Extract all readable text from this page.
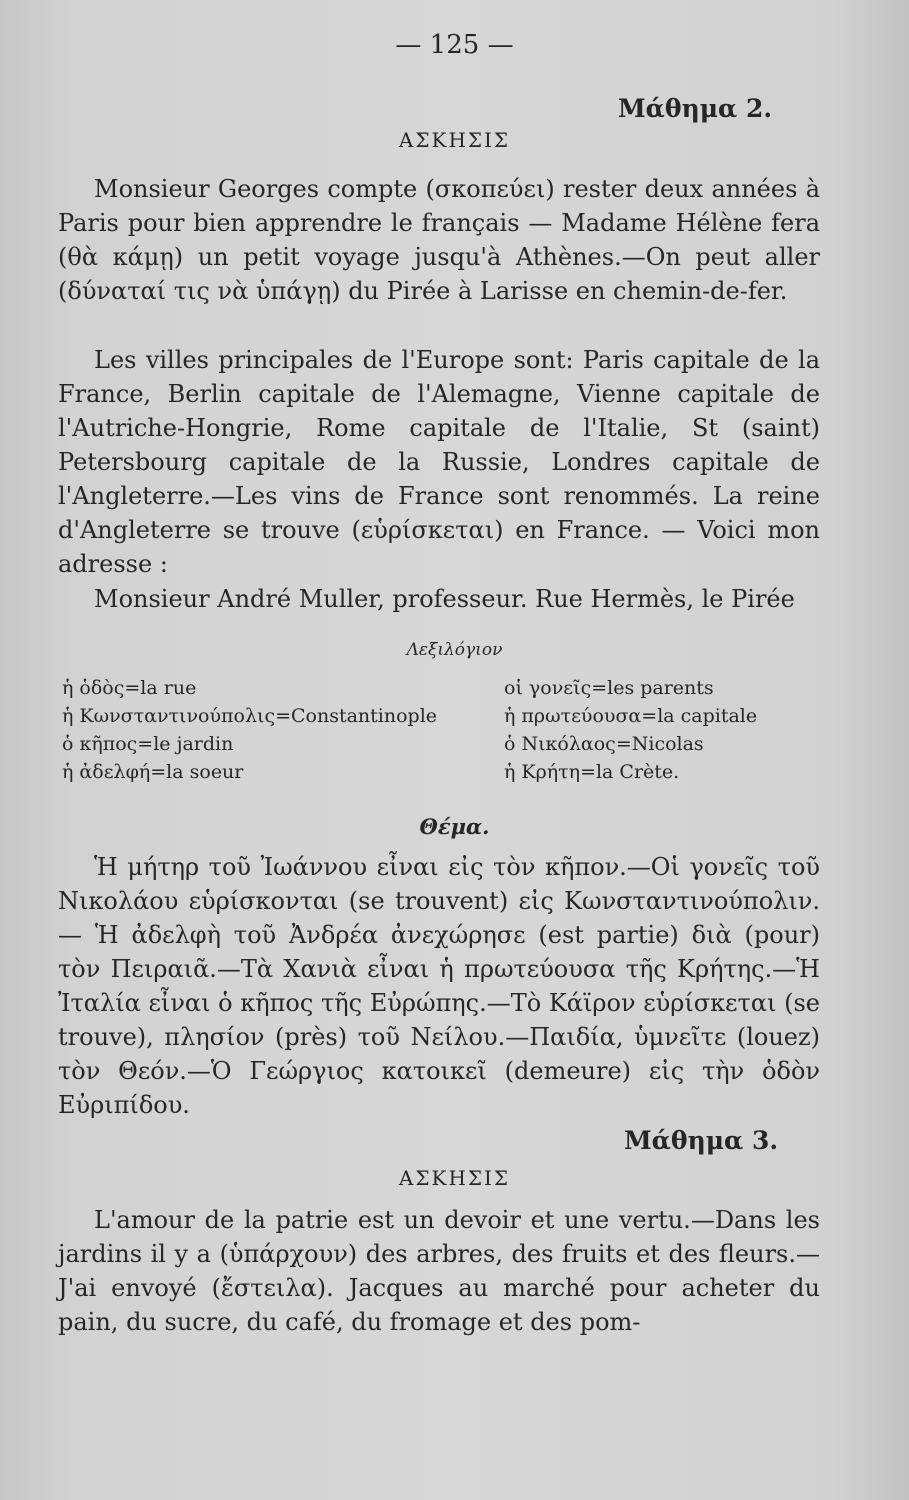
— 125 —
Μάθημα 2.
ΑΣΚΗΣΙΣ

Monsieur Georges compte (σκοπεύει) rester deux années à Paris pour bien apprendre le français — Madame Hélène fera (θὰ κάμῃ) un petit voyage jusqu'à Athènes.—On peut aller (δύναταί τις νὰ ὑπάγῃ) du Pirée à Larisse en chemin-de-fer.

Les villes principales de l'Europe sont: Paris capitale de la France, Berlin capitale de l'Alemagne, Vienne capitale de l'Autriche-Hongrie, Rome capitale de l'Italie, St (saint) Petersbourg capitale de la Russie, Londres capitale de l'Angleterre.—Les vins de France sont renommés. La reine d'Angleterre se trouve (εὑρίσκεται) en France. — Voici mon adresse :

Monsieur André Muller, professeur. Rue Hermès, le Pirée

Λεξιλόγιον
ἡ ὁδὸς=la rue
ἡ Κωνσταντινούπολις=Constantinople
ὁ κῆπος=le jardin
ἡ ἀδελφή=la soeur
οἱ γονεῖς=les parents
ἡ πρωτεύουσα=la capitale
ὁ Νικόλαος=Nicolas
ἡ Κρήτη=la Crète.
Θέμα.

Ἡ μήτηρ τοῦ Ἰωάννου εἶναι εἰς τὸν κῆπον.—Οἱ γονεῖς τοῦ Νικολάου εὑρίσκονται (se trouvent) εἰς Κωνσταντινούπολιν.— Ἡ ἀδελφὴ τοῦ Ἀνδρέα ἀνεχώρησε (est partie) διὰ (pour) τὸν Πειραιᾶ.—Τὰ Χανιὰ εἶναι ἡ πρωτεύουσα τῆς Κρήτης.—Ἡ Ἰταλία εἶναι ὁ κῆπος τῆς Εὐρώπης.—Τὸ Κάϊρον εὑρίσκεται (se trouve), πλησίον (près) τοῦ Νείλου.—Παιδία, ὑμνεῖτε (louez) τὸν Θεόν.—Ὁ Γεώργιος κατοικεῖ (demeure) εἰς τὴν ὁδὸν Εὐριπίδου.

Μάθημα 3.
ΑΣΚΗΣΙΣ

L'amour de la patrie est un devoir et une vertu.—Dans les jardins il y a (ὑπάρχουν) des arbres, des fruits et des fleurs.— J'ai envoyé (ἔστειλα). Jacques au marché pour acheter du pain, du sucre, du café, du fromage et des pom-
